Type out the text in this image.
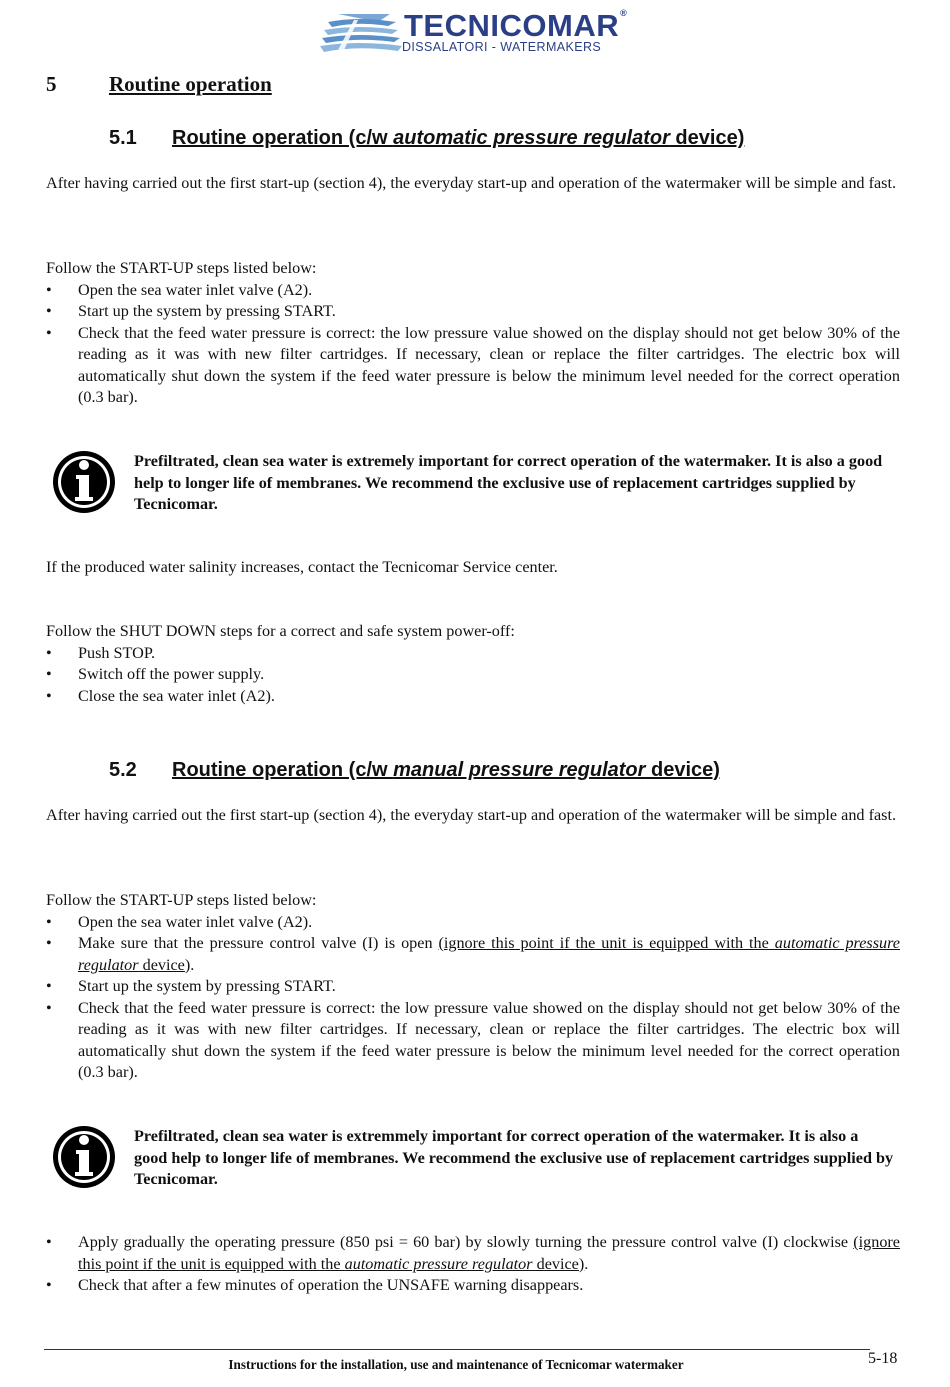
TECNICOMAR®
DISSALATORI - WATERMAKERS
5	Routine operation
5.1 Routine operation (c/w automatic pressure regulator device)
After having carried out the first start-up (section 4), the everyday start-up and operation of the watermaker will be simple and fast.
Follow the START-UP steps listed below:
• Open the sea water inlet valve (A2).
• Start up the system by pressing START.
• Check that the feed water pressure is correct: the low pressure value showed on the display should not get below 30% of the reading as it was with new filter cartridges. If necessary, clean or replace the filter cartridges. The electric box will automatically shut down the system if the feed water pressure is below the minimum level needed for the correct operation (0.3 bar).
Prefiltrated, clean sea water is extremely important for correct operation of the watermaker. It is also a good help to longer life of membranes. We recommend the exclusive use of replacement cartridges supplied by Tecnicomar.
If the produced water salinity increases, contact the Tecnicomar Service center.
Follow the SHUT DOWN steps for a correct and safe system power-off:
• Push STOP.
• Switch off the power supply.
• Close the sea water inlet (A2).
5.2 Routine operation (c/w manual pressure regulator device)
After having carried out the first start-up (section 4), the everyday start-up and operation of the watermaker will be simple and fast.
Follow the START-UP steps listed below:
• Open the sea water inlet valve (A2).
• Make sure that the pressure control valve (I) is open (ignore this point if the unit is equipped with the automatic pressure regulator device).
• Start up the system by pressing START.
• Check that the feed water pressure is correct: the low pressure value showed on the display should not get below 30% of the reading as it was with new filter cartridges. If necessary, clean or replace the filter cartridges. The electric box will automatically shut down the system if the feed water pressure is below the minimum level needed for the correct operation (0.3 bar).
Prefiltrated, clean sea water is extremmely important for correct operation of the watermaker. It is also a good help to longer life of membranes. We recommend the exclusive use of replacement cartridges supplied by Tecnicomar.
• Apply gradually the operating pressure (850 psi = 60 bar) by slowly turning the pressure control valve (I) clockwise (ignore this point if the unit is equipped with the automatic pressure regulator device).
• Check that after a few minutes of operation the UNSAFE warning disappears.
Instructions for the installation, use and maintenance of Tecnicomar watermaker	5-18
